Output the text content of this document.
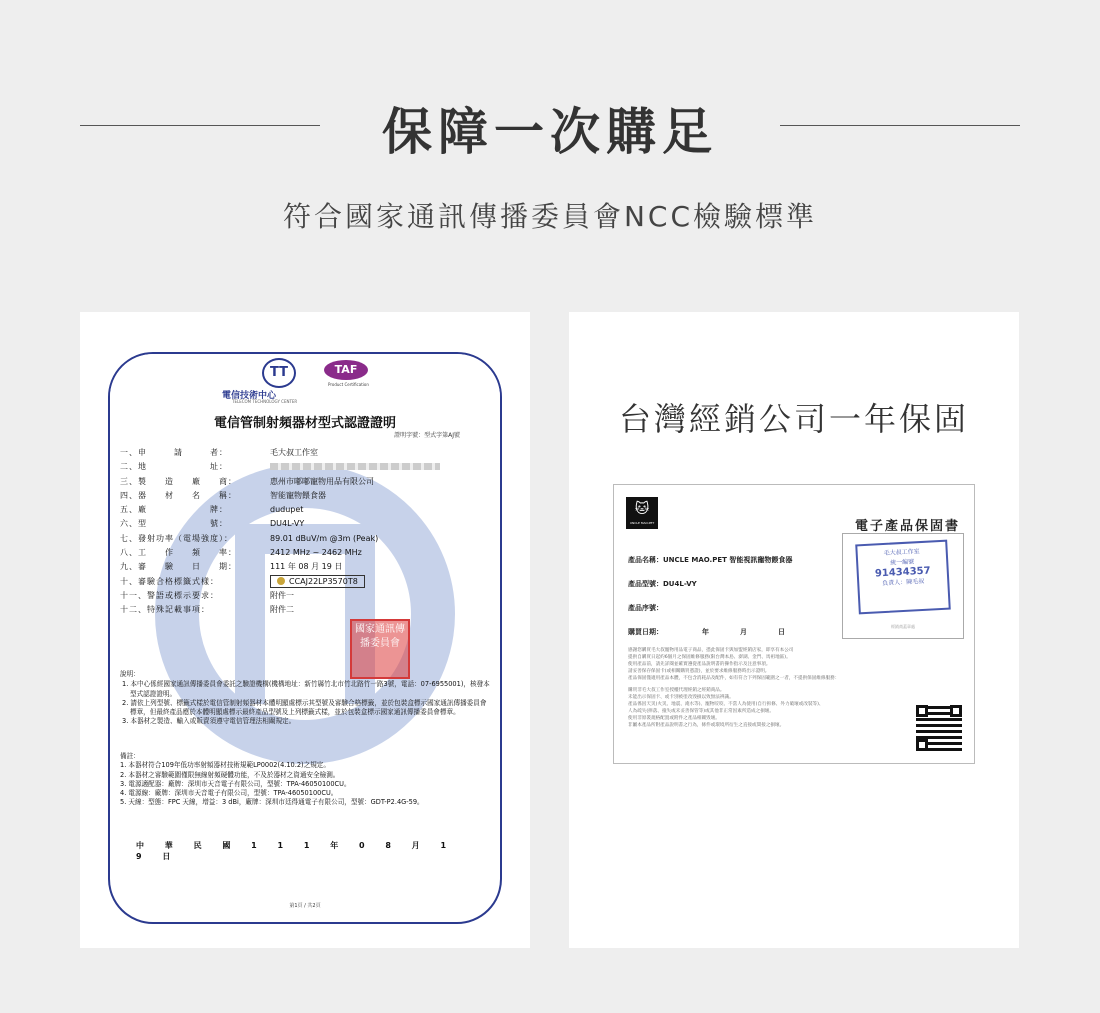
保障一次購足
符合國家通訊傳播委員會NCC檢驗標準
TT	TAF
Product Certification
電信技術中心
TELECOM TECHNOLOGY CENTER
電信管制射頻器材型式認證證明
證明字號：型式字第AJ號
一、申　　　請　　　者：	毛大叔工作室
二、地　　　　　　　址：
三、製　　造　　廠　　商：	惠州市嘟嘟寵物用品有限公司
四、器　　材　　名　　稱：	智能寵物餵食器
五、廠　　　　　　　牌：	dudupet
六、型　　　　　　　號：	DU4L-VY
七、發射功率（電場強度）：	89.01 dBuV/m @3m (Peak)
八、工　　作　　頻　　率：	2412 MHz ~ 2462 MHz
九、審　　驗　　日　　期：	111 年 08 月 19 日
十、審驗合格標籤式樣：	CCAJ22LP3570T8
十一、警語或標示要求：	附件一
十二、特殊記載事項：	附件二
國家通訊傳播委員會
說明：
1. 本中心係經國家通訊傳播委員會委託之驗證機構(機構地址：新竹縣竹北市竹北路竹一路3號，電話：07-6955001)，核發本型式認證證明。
2. 請依上列型號、標籤式樣於電信管制射頻器材本體明顯處標示其型號及審驗合格標籤，並於包裝盒標示國家通訊傳播委員會標章，但最終產品應於本體明顯處標示最終產品型號及上列標籤式樣，並於包裝盒標示國家通訊傳播委員會標章。
3. 本器材之製造、輸入或販賣須遵守電信管理法相關規定。
備註：
1. 本器材符合109年低功率射頻器材技術規範LP0002(4.10.2)之規定。
2. 本器材之審驗範圍僅限無線射頻硬體功能，不及於器材之資通安全檢測。
3. 電源適配器：廠牌：深圳市天音電子有限公司，型號：TPA-46050100CU。
4. 電源線：廠牌：深圳市天音電子有限公司，型號：TPA-46050100CU。
5. 天線：型態：FPC 天線，增益：3 dBi，廠牌：深圳市廷得通電子有限公司，型號：GDT-P2.4G-59。
中 華 民 國 1 1 1 年 0 8 月 1 9 日
第1頁 / 共2頁
台灣經銷公司一年保固
🐱
UNCLE MAO.PET	電子產品保固書
產品名稱：UNCLE MAO.PET 智能視訊寵物餵食器
產品型號：DU4L-VY
產品序號：
購買日期：	年	月	日
毛大叔工作室
統一編號
91434357
負責人：陳毛叔
經銷商蓋章處
感謝您購買毛大叔寵物用品電子商品，憑此保固卡與加盟經銷店家，即享有本公司
提供自購買日起約6個月之保固維修服務(限台灣本島、澎湖、金門、馬祖地區)。
使用產品前，請先詳閱並確實遵從產品說明書的操作指示及注意事項。
請妥善保存保固卡(或相關購買憑證)，並於要求維修服務時出示證明。
產品保固僅適用產品本體，不包含消耗品及配件，如有符合下列保固範圍之一者，不提供保固維修服務：
購買非毛大叔工作室授權代理經銷之經銷商品。
未能出示保固卡、或卡別被塗改毀損以致無法辨識。
產品係因天災(火災、地震、淹水等)、寵物咬咬、不當人為使用(自行拆修、外力破壞或改裝等)、
人為疏失(摔落、撞失或未妥善保管等)或其他非正常因素所造成之損壞。
使用非原裝規格配置或附件之產品相關毀壞。
非屬本產品所附產品說明書之行為，條件或環境所衍生之直接或間接之損壞。
